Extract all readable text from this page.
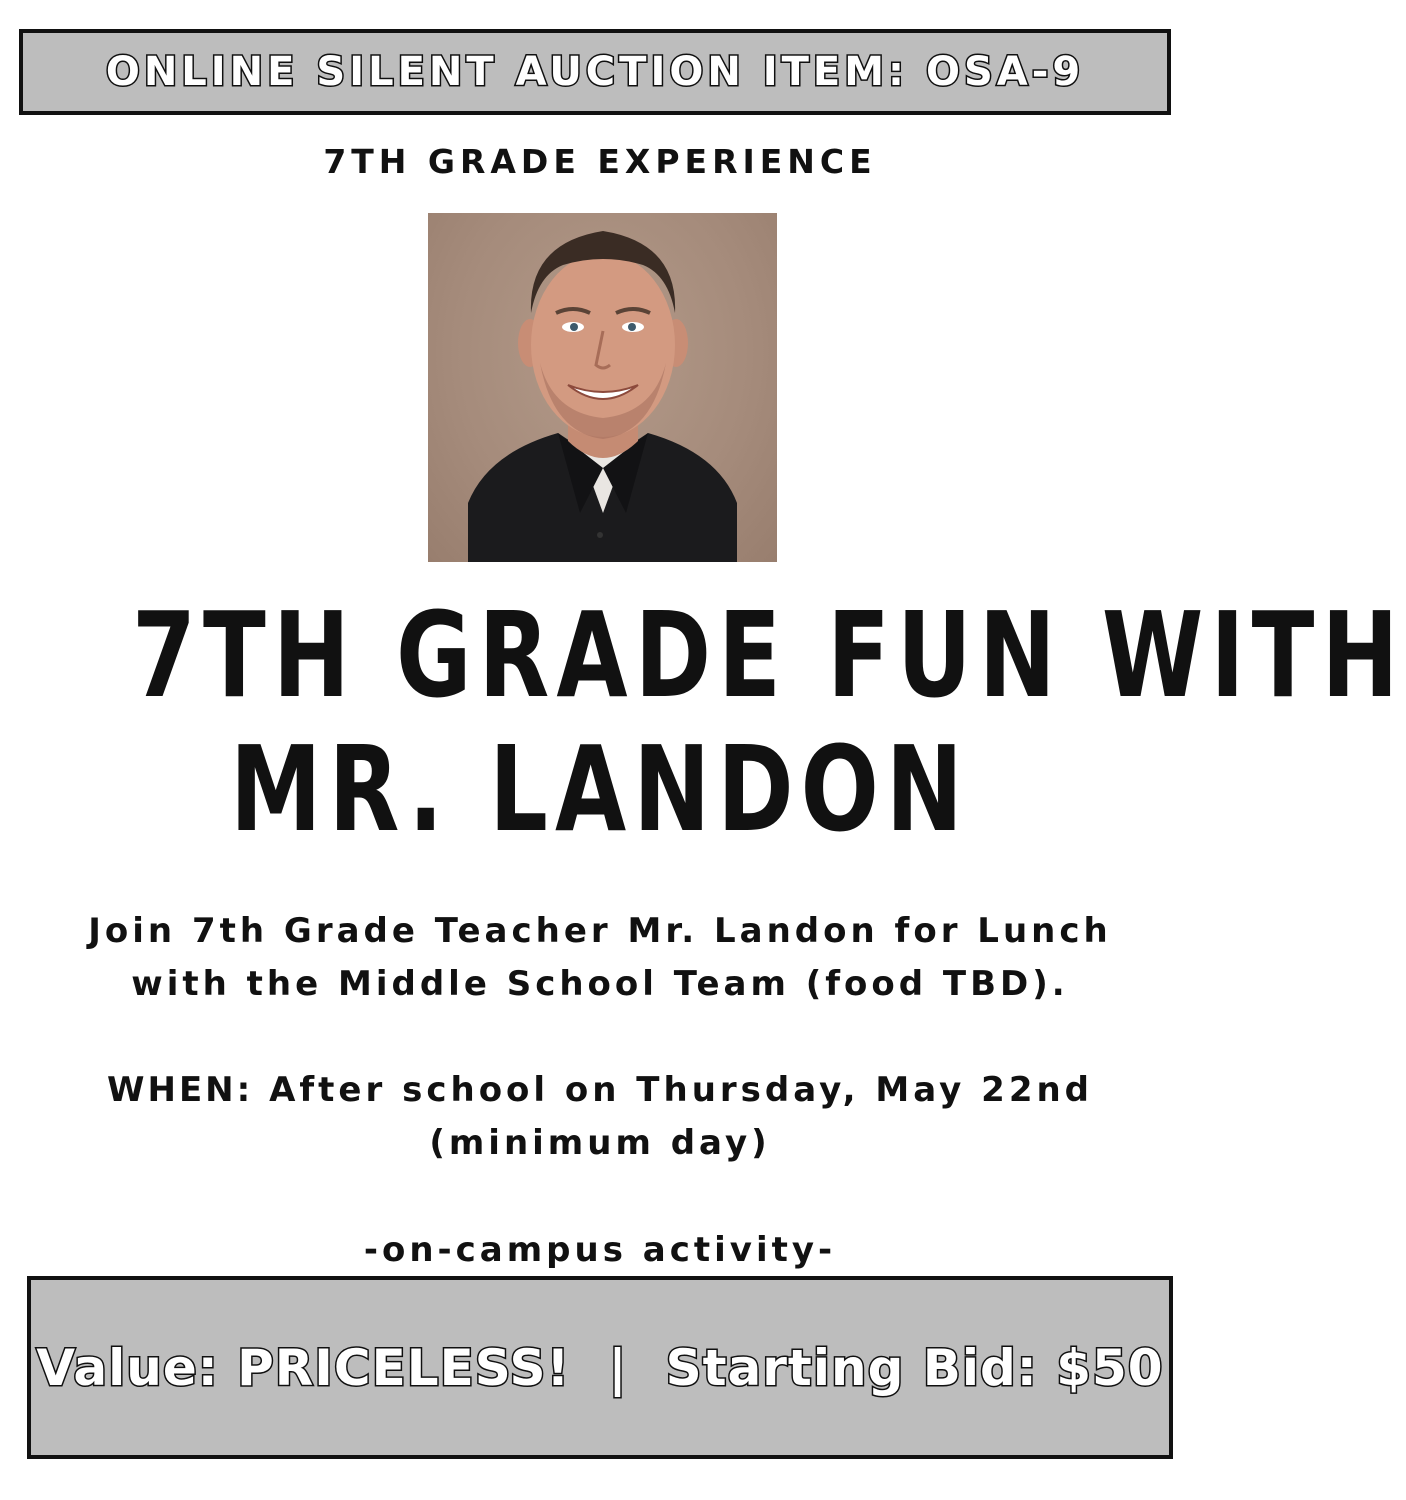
ONLINE SILENT AUCTION ITEM: OSA-9
7TH GRADE EXPERIENCE
7TH GRADE FUN WITH
MR. LANDON
Join 7th Grade Teacher Mr. Landon for Lunch
with the Middle School Team (food TBD).
WHEN: After school on Thursday, May 22nd
(minimum day)
-on-campus activity-
Value: PRICELESS! | Starting Bid: $50
